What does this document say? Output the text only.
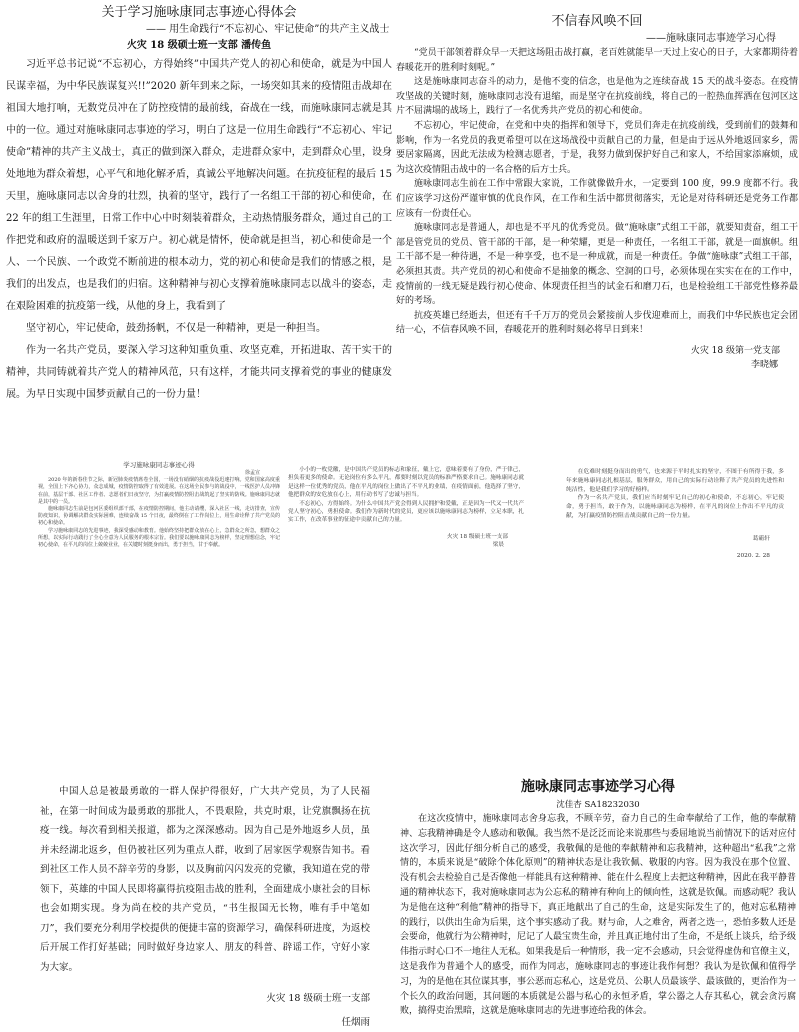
关于学习施咏康同志事迹心得体会
—— 用生命践行“不忘初心、牢记使命”的共产主义战士
火灾 18 级硕士班一支部 潘传鱼

习近平总书记说“不忘初心，方得始终”中国共产党人的初心和使命，就是为中国人民谋幸福，为中华民族谋复兴!!”2020 新年到来之际，一场突如其来的疫情阻击战却在祖国大地打响，无数党员冲在了防控疫情的最前线，奋战在一线，而施咏康同志就是其中的一位。通过对施咏康同志事迹的学习，明白了这是一位用生命践行“不忘初心、牢记使命”精神的共产主义战士，真正的做到深入群众，走进群众家中，走到群众心里，设身处地地为群众着想，心平气和地化解矛盾，真诚公平地解决问题。在抗疫征程的最后 15 天里，施咏康同志以舍身的壮烈，执着的坚守，践行了一名组工干部的初心和使命，在 22 年的组工生涯里，日常工作中心中时刻装着群众，主动热情服务群众，通过自己的工作把党和政府的温暖送到千家万户。初心就是情怀，使命就是担当，初心和使命是一个人、一个民族、一个政党不断前进的根本动力，党的初心和使命是我们的情感之根，是我们的出发点，也是我们的归宿。这种精神与初心支撑着施咏康同志以战斗的姿态，走在艰险困难的抗疫第一线，从他的身上，我看到了

坚守初心，牢记使命，鼓劲扬帆，不仅是一种精神，更是一种担当。

作为一名共产党员，要深入学习这种知重负重、攻坚克难，开拓进取、苦干实干的精神，共同铸就着共产党人的精神风范，只有这样，才能共同支撑着党的事业的健康发展。为早日实现中国梦贡献自己的一份力量！

不信春风唤不回
——施咏康同志事迹学习心得

“党员干部领着群众早一天把这场阻击战打赢，老百姓就能早一天过上安心的日子，大家都期待着春暖花开的胜利时刻呢。”

这是施咏康同志奋斗的动力，是他不变的信念，也是他为之连续奋战 15 天的战斗姿态。在疫情攻坚战的关键时刻，施咏康同志没有退缩，而是坚守在抗疫前线，将自己的一腔热血挥洒在包河区这片不屈满塌的战场上，践行了一名优秀共产党员的初心和使命。

不忘初心，牢记使命，在党和中央的指挥和领导下，党员们奔走在抗疫前线，受到前们的鼓舞和影响，作为一名党员的我更希望可以在这场战役中贡献自己的力量，但是由于远从外地返回家乡，需要居家隔离，因此无法成为检测志愿者，于是，我努力做到保护好自己和家人，不给国家添麻烦，成为这次疫情阻击战中的一名合格的后方士兵。

施咏康同志生前在工作中常跟大家说，工作就像做升水，一定要到 100 度，99.9 度都不行。我们应该学习这份严谨审慎的优良作风，在工作和生活中都贯彻落实，无论是对待科研还是党务工作都应该有一份责任心。

施咏康同志是普通人，却也是不平凡的优秀党员。做“施咏康”式组工干部，就要知责奋，组工干部是管党员的党员、管干部的干部，是一种荣耀，更是一种责任，一名组工干部，就是一面旗帜。组工干部不是一种待遇，不是一种享受，也不是一种成就，而是一种责任。争做“施咏康”式组工干部，必须担其责。共产党员的初心和使命不是抽象的概念、空洞的口号，必须体现在实实在在的工作中，疫情前的一线无疑是践行初心使命、体现责任担当的试金石和磨刀石，也是检验组工干部党性修养最好的考场。

抗疫英雄已经逝去，但还有千千万万的党员会紧接前人步伐迎难而上，而我们中华民族也定会团结一心，不信春风唤不回，春暖花开的胜利时刻必将早日到来！

火灾 18 级第一党支部
李晓娜
学习施咏康同志事迹心得
徐孟宣

2020 年的新春佳节之际，新冠肺炎疫情席卷全国，一场没有硝烟的抗疫战役迅速打响。党和国家高度重视，全国上下齐心协力，众志成城，疫情防控取得了有效进展。在这场全民参与的战役中，一线医护人员冲锋在前，基层干部、社区工作者、志愿者们日夜坚守，为打赢疫情防控阻击战筑起了坚实的防线。施咏康同志就是其中的一员。

施咏康同志生前是包河区委组织部干部，在疫情防控期间，他主动请缨，深入社区一线，走访排查，宣传防疫知识，协调解决群众实际困难，连续奋战 15 个日夜，最终倒在了工作岗位上，用生命诠释了共产党员的初心和使命。

学习施咏康同志的先进事迹，我深受感动和教育。他始终坚持把群众放在心上，急群众之所急，想群众之所想，以实际行动践行了全心全意为人民服务的根本宗旨。我们要以施咏康同志为榜样，坚定理想信念，牢记初心使命，在平凡的岗位上兢兢业业，在关键时刻挺身而出，勇于担当，甘于奉献。

小小的一枚党徽，是中国共产党员的标志和象征，戴上它，意味着要有了身份，严于律己，担负着更多的使命。无论岗位有多么平凡，都要时刻以党员的标准严格要求自己。施咏康同志就是这样一位优秀的党员，他在平凡的岗位上做出了不平凡的业绩，在疫情面前，他选择了坚守，他把群众的安危放在心上，用行动书写了忠诚与担当。

不忘初心，方得始终。为什么中国共产党会得到人民拥护和爱戴，正是因为一代又一代共产党人坚守初心，勇担使命。我们作为新时代的党员，更应该以施咏康同志为榜样，立足本职，扎实工作，在改革事业的征途中贡献自己的力量。

火灾 18 级硕士班一支部
梁晨

在危难时刻挺身而出的勇气，也来源于平时扎实的坚守，不图于有所得于我，多年来施咏康同志扎根基层，服务群众，用自己的实际行动诠释了共产党员的先进性和纯洁性，他是我们学习的好榜样。

作为一名共产党员，我们应当时刻牢记自己的初心和使命，不忘初心，牢记使命，勇于担当，敢于作为，以施咏康同志为榜样，在平凡的岗位上作出不平凡的贡献，为打赢疫情防控阻击战贡献自己的一份力量。

葛霸轩
2020. 2. 28

中国人总是被最勇敢的一群人保护得很好，广大共产党员，为了人民福祉，在第一时间成为最勇敢的那批人，不畏艰险，共克时艰，让党旗飘扬在抗疫一线。每次看到相关报道，都为之深深感动。因为自己是外地返乡人员，虽并未经湖北返乡，但仍被社区列为重点人群，收到了居家医学观察告知书。看到社区工作人员不辞辛劳的身影，以及胸前闪闪发亮的党徽，我知道在党的带领下，英雄的中国人民即将赢得抗疫阻击战的胜利，全面建成小康社会的目标也会如期实现。身为尚在校的共产党员，“书生报国无长物，唯有手中笔如刀”，我们要充分利用学校提供的便捷丰富的资源学习，确保科研进度，为返校后开展工作打好基础；同时做好身边家人、朋友的科普、辟谣工作，守好小家为大家。

火灾 18 级硕士班一支部
任烟雨
施咏康同志事迹学习心得
沈佳杏 SA18232030

在这次疫情中，施咏康同志舍身忘我，不顾辛劳，奋力自己的生命奉献给了工作，他的奉献精神、忘我精神确是令人感动和敬佩。我当然不是泛泛而论来说那些与委屈地说当前情况下的话对应付这次学习，因此仔细分析自己的感受，我敬佩的是他的奉献精神和忘我精神，这种超出“私我”之常情的，本质来说是“破除个体化原则”的精神状态是让我钦佩、敬服的内容。因为我没在那个位置、没有机会去检验自己是否像他一样能具有这种精神、能在什么程度上去把这种精神，因此在我平静普通的精神状态下，我对施咏康同志为公忘私的精神有种向上的倾向性，这就是钦佩。而感动呢？我认为是他在这种“利他”精神的指导下，真正地献出了自己的生命，这是实际发生了的，他对忘私精神的践行，以供出生命为后果，这个事实感动了我。财与命，人之难舍，两者之选一，恐怕多数人还是会要命，他就行为公精神时，尼记了人最宝贵生命，并且真正地付出了生命，不是纸上谈兵，给予级伟指示时心口不一地往人无私。如果我是后一种情形，我一定不会感动，只会觉得虚伪和官僚主义，这是我作为普通个人的感受，而作为同志，施咏康同志的事迹让我作何想？我认为是钦佩和值得学习，为的是他在其位谋其事，事公恶而忘私心，这是党员、公职人员最该学、最该做的，更治作为一个长久的政治问题，其问题的本质就是公器与私心的永恒矛盾，掌公器之人存其私心，就会贪污腐败，搞得吏治黑暗，这就是施咏康同志的先进事迹给我的体会。
